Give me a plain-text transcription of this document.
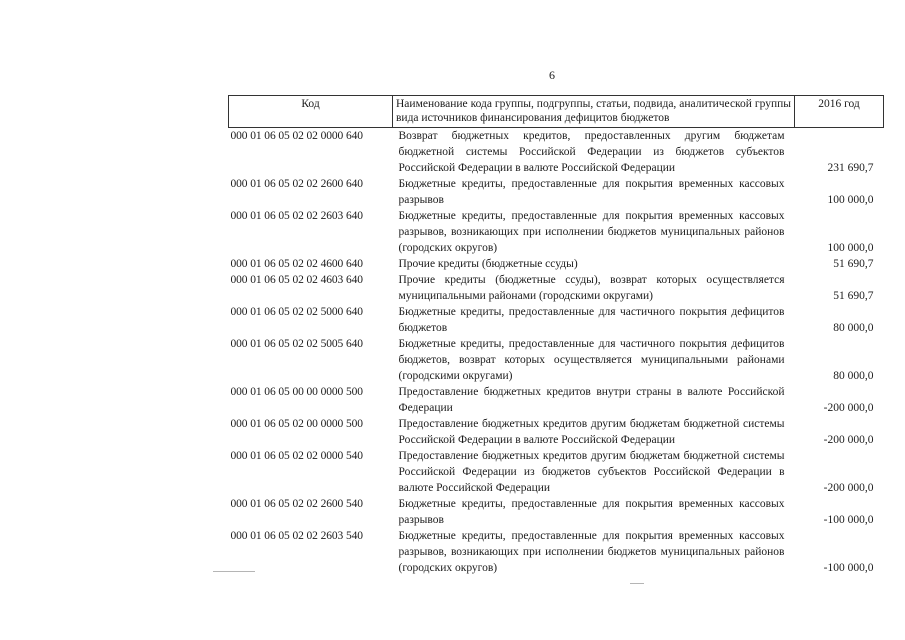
6
Код	Наименование кода группы, подгруппы, статьи, подвида, аналитической группы вида источников финансирования дефицитов бюджетов	2016 год
000 01 06 05 02 02 0000 640	Возврат бюджетных кредитов, предоставленных другим бюджетам бюджетной системы Российской Федерации из бюджетов субъектов Российской Федерации в валюте Российской Федерации	231 690,7
000 01 06 05 02 02 2600 640	Бюджетные кредиты, предоставленные для покрытия временных кассовых разрывов	100 000,0
000 01 06 05 02 02 2603 640	Бюджетные кредиты, предоставленные для покрытия временных кассовых разрывов, возникающих при исполнении бюджетов муниципальных районов (городских округов)	100 000,0
000 01 06 05 02 02 4600 640	Прочие кредиты (бюджетные ссуды)	51 690,7
000 01 06 05 02 02 4603 640	Прочие кредиты (бюджетные ссуды), возврат которых осуществляется муниципальными районами (городскими округами)	51 690,7
000 01 06 05 02 02 5000 640	Бюджетные кредиты, предоставленные для частичного покрытия дефицитов бюджетов	80 000,0
000 01 06 05 02 02 5005 640	Бюджетные кредиты, предоставленные для частичного покрытия дефицитов бюджетов, возврат которых осуществляется муниципальными районами (городскими округами)	80 000,0
000 01 06 05 00 00 0000 500	Предоставление бюджетных кредитов внутри страны в валюте Российской Федерации	-200 000,0
000 01 06 05 02 00 0000 500	Предоставление бюджетных кредитов другим бюджетам бюджетной системы Российской Федерации в валюте Российской Федерации	-200 000,0
000 01 06 05 02 02 0000 540	Предоставление бюджетных кредитов другим бюджетам бюджетной системы Российской Федерации из бюджетов субъектов Российской Федерации в валюте Российской Федерации	-200 000,0
000 01 06 05 02 02 2600 540	Бюджетные кредиты, предоставленные для покрытия временных кассовых разрывов	-100 000,0
000 01 06 05 02 02 2603 540	Бюджетные кредиты, предоставленные для покрытия временных кассовых разрывов, возникающих при исполнении бюджетов муниципальных районов (городских округов)	-100 000,0
